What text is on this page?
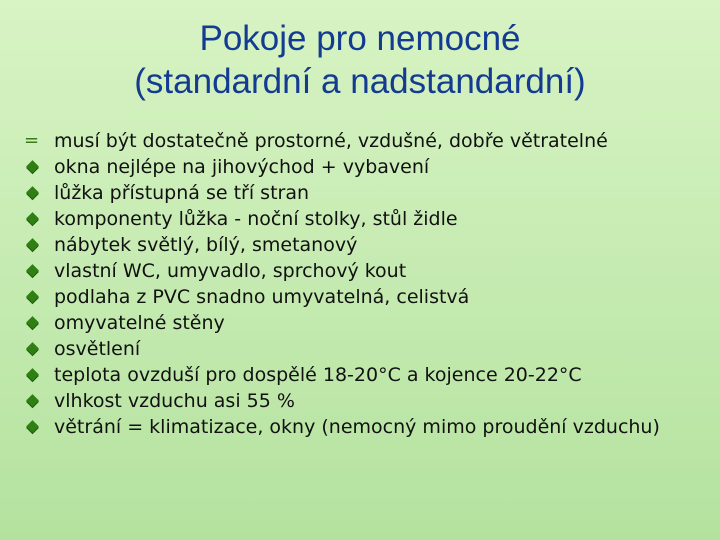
Pokoje pro nemocné
(standardní a nadstandardní)
= musí být dostatečně prostorné, vzdušné, dobře větratelné
okna nejlépe na jihovýchod + vybavení
lůžka přístupná se tří stran
komponenty lůžka - noční stolky, stůl židle
nábytek světlý, bílý, smetanový
vlastní WC, umyvadlo, sprchový kout
podlaha z PVC snadno umyvatelná, celistvá
omyvatelné stěny
osvětlení
teplota ovzduší pro dospělé 18-20°C a kojence 20-22°C
vlhkost vzduchu asi 55 %
větrání = klimatizace, okny (nemocný mimo proudění vzduchu)
